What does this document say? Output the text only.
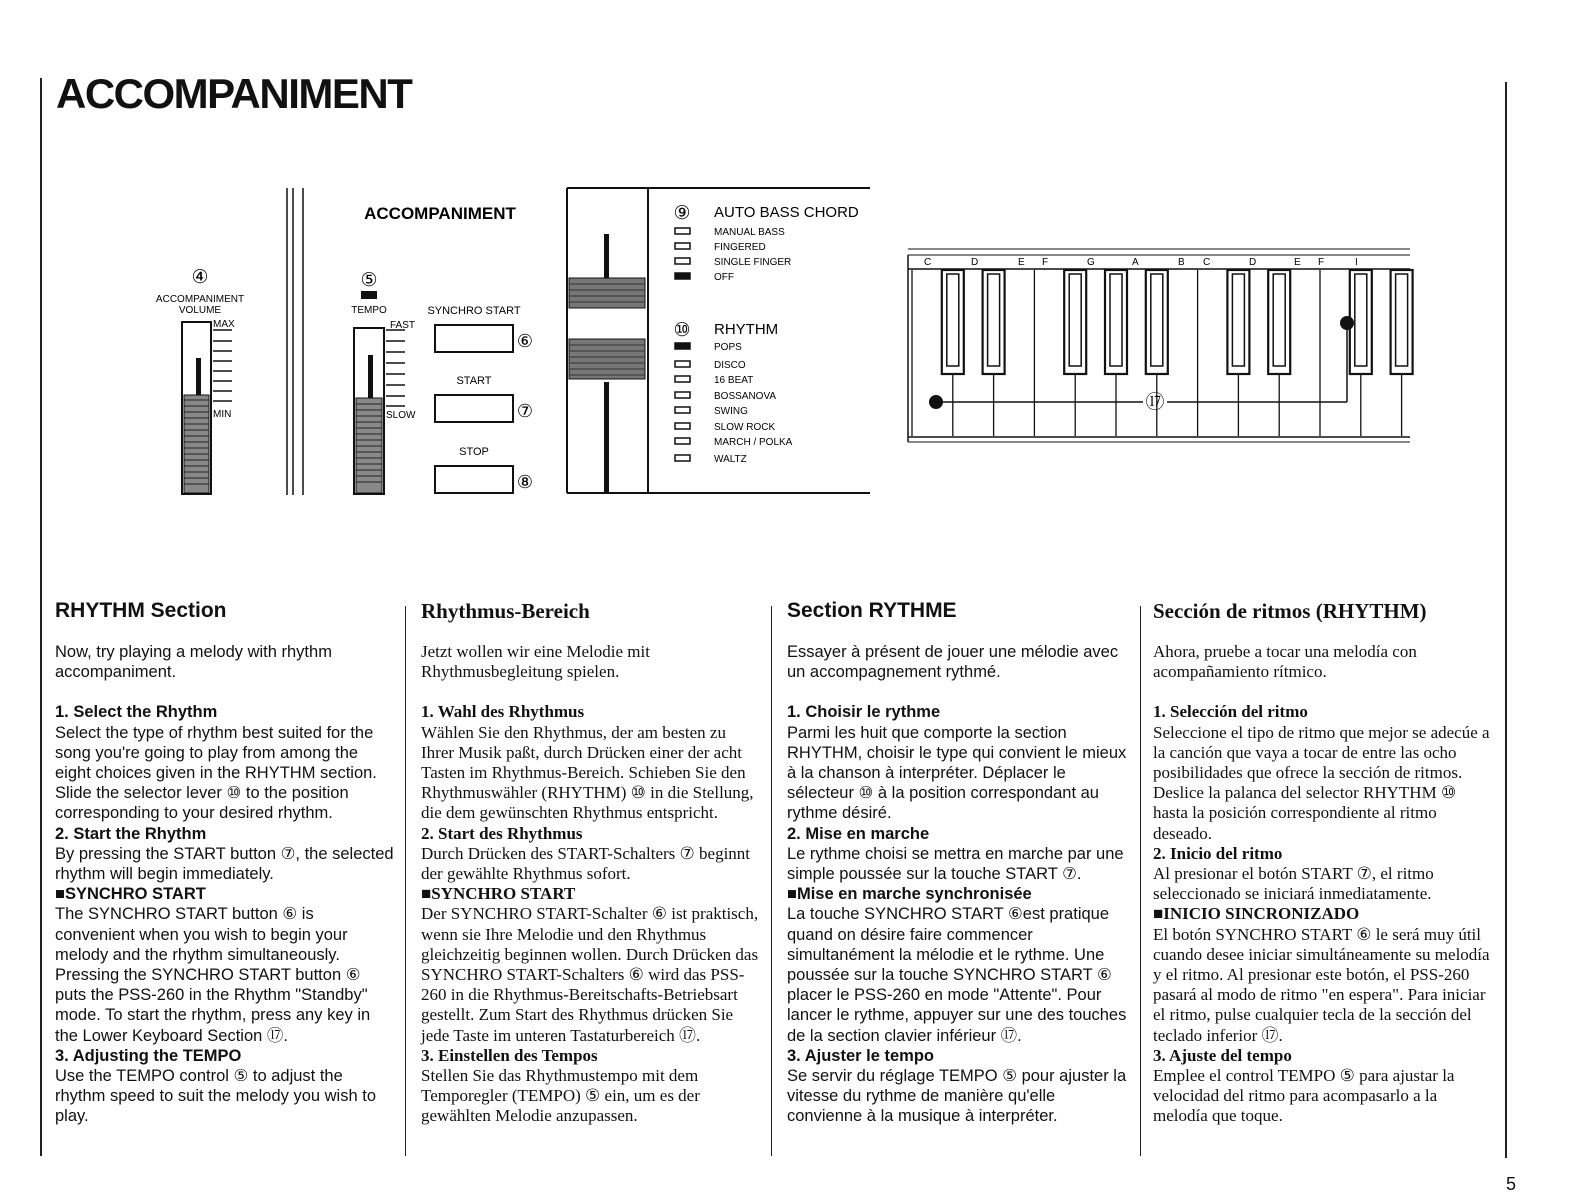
ACCOMPANIMENT
④
ACCOMPANIMENT
VOLUME
MAX
MIN
ACCOMPANIMENT
⑤
TEMPO
FAST
SLOW
SYNCHRO START
⑥
START
⑦
STOP
⑧
⑨ AUTO BASS CHORD
MANUAL BASS
FINGERED
SINGLE FINGER
OFF
⑩ RHYTHM
POPS
DISCO
16 BEAT
BOSSANOVA
SWING
SLOW ROCK
MARCH / POLKA
WALTZ
C	D	E F	G	A	B C	D	E F	I
⑰
RHYTHM Section

Now, try playing a melody with rhythm accompaniment.

1. Select the Rhythm

Select the type of rhythm best suited for the song you're going to play from among the eight choices given in the RHYTHM section. Slide the selector lever ⑩ to the position corresponding to your desired rhythm.

2. Start the Rhythm

By pressing the START button ⑦, the selected rhythm will begin immediately.

■SYNCHRO START

The SYNCHRO START button ⑥ is convenient when you wish to begin your melody and the rhythm simultaneously. Pressing the SYNCHRO START button ⑥ puts the PSS-260 in the Rhythm "Standby" mode. To start the rhythm, press any key in the Lower Keyboard Section ⑰.

3. Adjusting the TEMPO

Use the TEMPO control ⑤ to adjust the rhythm speed to suit the melody you wish to play.

Rhythmus-Bereich

Jetzt wollen wir eine Melodie mit Rhythmusbegleitung spielen.

1. Wahl des Rhythmus

Wählen Sie den Rhythmus, der am besten zu Ihrer Musik paßt, durch Drücken einer der acht Tasten im Rhythmus-Bereich. Schieben Sie den Rhythmuswähler (RHYTHM) ⑩ in die Stellung, die dem gewünschten Rhythmus entspricht.

2. Start des Rhythmus

Durch Drücken des START-Schalters ⑦ beginnt der gewählte Rhythmus sofort.

■SYNCHRO START

Der SYNCHRO START-Schalter ⑥ ist praktisch, wenn sie Ihre Melodie und den Rhythmus gleichzeitig beginnen wollen. Durch Drücken das SYNCHRO START-Schalters ⑥ wird das PSS-260 in die Rhythmus-Bereitschafts-Betriebsart gestellt. Zum Start des Rhythmus drücken Sie jede Taste im unteren Tastaturbereich ⑰.

3. Einstellen des Tempos

Stellen Sie das Rhythmustempo mit dem Temporegler (TEMPO) ⑤ ein, um es der gewählten Melodie anzupassen.

Section RYTHME

Essayer à présent de jouer une mélodie avec un accompagnement rythmé.

1. Choisir le rythme

Parmi les huit que comporte la section RHYTHM, choisir le type qui convient le mieux à la chanson à interpréter. Déplacer le sélecteur ⑩ à la position correspondant au rythme désiré.

2. Mise en marche

Le rythme choisi se mettra en marche par une simple poussée sur la touche START ⑦.

■Mise en marche synchronisée

La touche SYNCHRO START ⑥est pratique quand on désire faire commencer simultanément la mélodie et le rythme. Une poussée sur la touche SYNCHRO START ⑥ placer le PSS-260 en mode "Attente". Pour lancer le rythme, appuyer sur une des touches de la section clavier inférieur ⑰.

3. Ajuster le tempo

Se servir du réglage TEMPO ⑤ pour ajuster la vitesse du rythme de manière qu'elle convienne à la musique à interpréter.

Sección de ritmos (RHYTHM)

Ahora, pruebe a tocar una melodía con acompañamiento rítmico.

1. Selección del ritmo

Seleccione el tipo de ritmo que mejor se adecúe a la canción que vaya a tocar de entre las ocho posibilidades que ofrece la sección de ritmos. Deslice la palanca del selector RHYTHM ⑩ hasta la posición correspondiente al ritmo deseado.

2. Inicio del ritmo

Al presionar el botón START ⑦, el ritmo seleccionado se iniciará inmediatamente.

■INICIO SINCRONIZADO

El botón SYNCHRO START ⑥ le será muy útil cuando desee iniciar simultáneamente su melodía y el ritmo. Al presionar este botón, el PSS-260 pasará al modo de ritmo "en espera". Para iniciar el ritmo, pulse cualquier tecla de la sección del teclado inferior ⑰.

3. Ajuste del tempo

Emplee el control TEMPO ⑤ para ajustar la velocidad del ritmo para acompasarlo a la melodía que toque.

5
